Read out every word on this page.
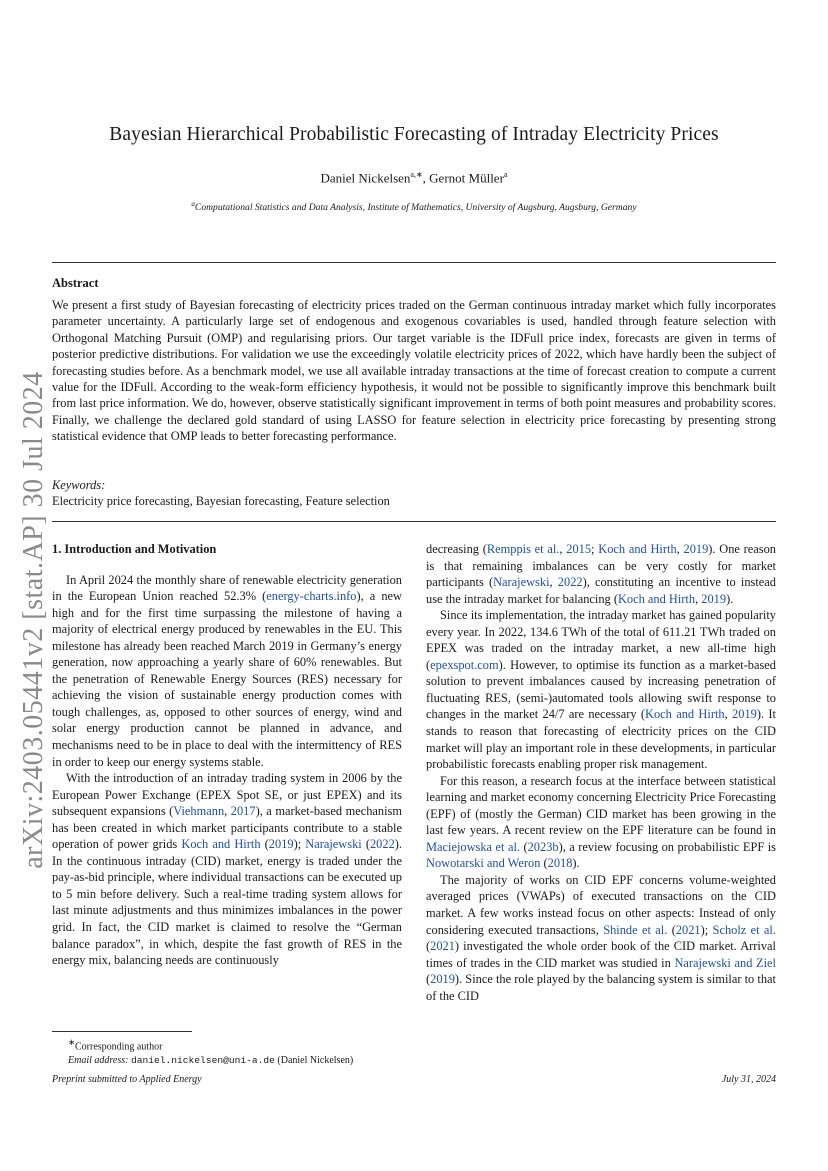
arXiv:2403.05441v2 [stat.AP] 30 Jul 2024
Bayesian Hierarchical Probabilistic Forecasting of Intraday Electricity Prices
Daniel Nickelsen$^{a,∗}$, Gernot Müller$^a$
$^a$Computational Statistics and Data Analysis, Institute of Mathematics, University of Augsburg, Augsburg, Germany
Abstract
We present a first study of Bayesian forecasting of electricity prices traded on the German continuous intraday market which fully incorporates parameter uncertainty. A particularly large set of endogenous and exogenous covariables is used, handled through feature selection with Orthogonal Matching Pursuit (OMP) and regularising priors. Our target variable is the IDFull price index, forecasts are given in terms of posterior predictive distributions. For validation we use the exceedingly volatile electricity prices of 2022, which have hardly been the subject of forecasting studies before. As a benchmark model, we use all available intraday transactions at the time of forecast creation to compute a current value for the IDFull. According to the weak-form efficiency hypothesis, it would not be possible to significantly improve this benchmark built from last price information. We do, however, observe statistically significant improvement in terms of both point measures and probability scores. Finally, we challenge the declared gold standard of using LASSO for feature selection in electricity price forecasting by presenting strong statistical evidence that OMP leads to better forecasting performance.
Keywords:
Electricity price forecasting, Bayesian forecasting, Feature selection

1. Introduction and Motivation

In April 2024 the monthly share of renewable electricity generation in the European Union reached 52.3% (energy-charts.info), a new high and for the first time surpassing the milestone of having a majority of electrical energy produced by renewables in the EU. This milestone has already been reached March 2019 in Germany’s energy generation, now approaching a yearly share of 60% renewables. But the penetration of Renewable Energy Sources (RES) necessary for achieving the vision of sustainable energy production comes with tough challenges, as, opposed to other sources of energy, wind and solar energy production cannot be planned in advance, and mechanisms need to be in place to deal with the intermittency of RES in order to keep our energy systems stable.

With the introduction of an intraday trading system in 2006 by the European Power Exchange (EPEX Spot SE, or just EPEX) and its subsequent expansions (Viehmann, 2017), a market-based mechanism has been created in which market participants contribute to a stable operation of power grids Koch and Hirth (2019); Narajewski (2022). In the continuous intraday (CID) market, energy is traded under the pay-as-bid principle, where individual transactions can be executed up to 5 min before delivery. Such a real-time trading system allows for last minute adjustments and thus minimizes imbalances in the power grid. In fact, the CID market is claimed to resolve the “German balance paradox”, in which, despite the fast growth of RES in the energy mix, balancing needs are continuously

decreasing (Remppis et al., 2015; Koch and Hirth, 2019). One reason is that remaining imbalances can be very costly for market participants (Narajewski, 2022), constituting an incentive to instead use the intraday market for balancing (Koch and Hirth, 2019).

Since its implementation, the intraday market has gained popularity every year. In 2022, 134.6 TWh of the total of 611.21 TWh traded on EPEX was traded on the intraday market, a new all-time high (epexspot.com). However, to optimise its function as a market-based solution to prevent imbalances caused by increasing penetration of fluctuating RES, (semi-)automated tools allowing swift response to changes in the market 24/7 are necessary (Koch and Hirth, 2019). It stands to reason that forecasting of electricity prices on the CID market will play an important role in these developments, in particular probabilistic forecasts enabling proper risk management.

For this reason, a research focus at the interface between statistical learning and market economy concerning Electricity Price Forecasting (EPF) of (mostly the German) CID market has been growing in the last few years. A recent review on the EPF literature can be found in Maciejowska et al. (2023b), a review focusing on probabilistic EPF is Nowotarski and Weron (2018).

The majority of works on CID EPF concerns volume-weighted averaged prices (VWAPs) of executed transactions on the CID market. A few works instead focus on other aspects: Instead of only considering executed transactions, Shinde et al. (2021); Scholz et al. (2021) investigated the whole order book of the CID market. Arrival times of trades in the CID market was studied in Narajewski and Ziel (2019). Since the role played by the balancing system is similar to that of the CID

∗Corresponding author
Email address: daniel.nickelsen@uni-a.de (Daniel Nickelsen)
Preprint submitted to Applied Energy	July 31, 2024
